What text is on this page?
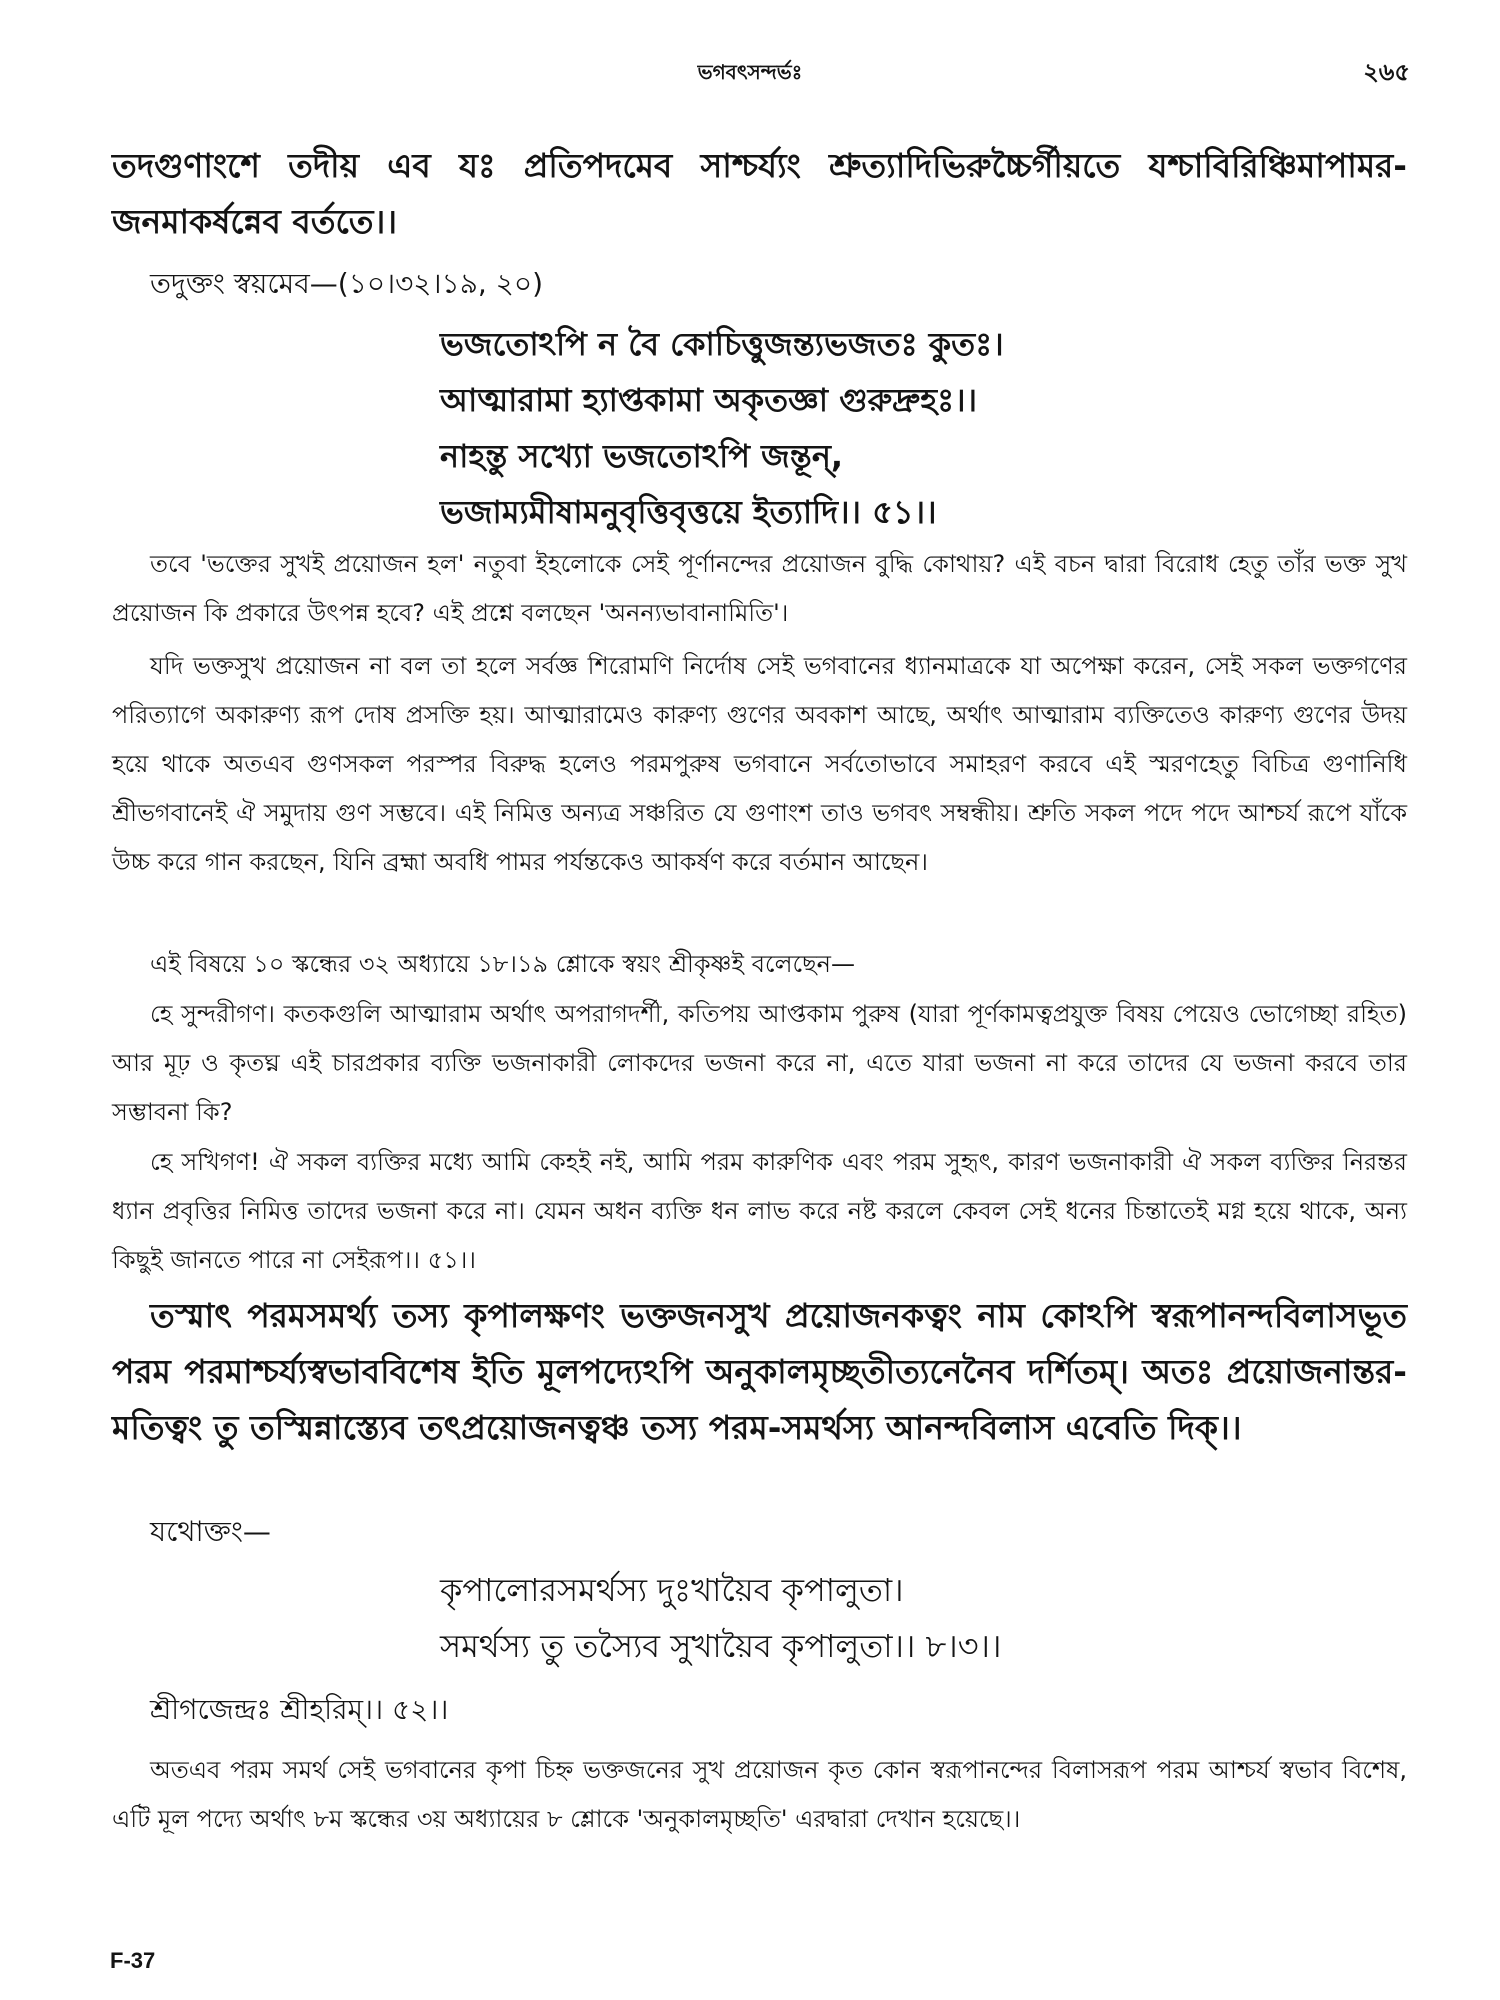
ভগবৎসন্দর্ভঃ	২৬৫

তদগুণাংশে তদীয় এব যঃ প্রতিপদমেব সাশ্চর্য্যং শ্রুত্যাদিভিরুচ্চৈর্গীয়তে যশ্চাবিরিঞ্চিমাপামর-জনমাকর্ষন্নেব বর্ততে।।

তদুক্তং স্বয়মেব—(১০।৩২।১৯, ২০)
ভজতোঽপি ন বৈ কোচিত্তুজন্ত্যভজতঃ কুতঃ।
আত্মারামা হ্যাপ্তকামা অকৃতজ্ঞা গুরুদ্রুহঃ।।
নাহন্তু সখ্যো ভজতোঽপি জন্তূন্,
ভজাম্যমীষামনুবৃত্তিবৃত্তয়ে ইত্যাদি।। ৫১।।

তবে 'ভক্তের সুখই প্রয়োজন হল' নতুবা ইহলোকে সেই পূর্ণানন্দের প্রয়োজন বুদ্ধি কোথায়? এই বচন দ্বারা বিরোধ হেতু তাঁর ভক্ত সুখ প্রয়োজন কি প্রকারে উৎপন্ন হবে? এই প্রশ্নে বলছেন 'অনন্যভাবানামিতি'।

যদি ভক্তসুখ প্রয়োজন না বল তা হলে সর্বজ্ঞ শিরোমণি নির্দোষ সেই ভগবানের ধ্যানমাত্রকে যা অপেক্ষা করেন, সেই সকল ভক্তগণের পরিত্যাগে অকারুণ্য রূপ দোষ প্রসক্তি হয়। আত্মারামেও কারুণ্য গুণের অবকাশ আছে, অর্থাৎ আত্মারাম ব্যক্তিতেও কারুণ্য গুণের উদয় হয়ে থাকে অতএব গুণসকল পরস্পর বিরুদ্ধ হলেও পরমপুরুষ ভগবানে সর্বতোভাবে সমাহরণ করবে এই স্মরণহেতু বিচিত্র গুণানিধি শ্রীভগবানেই ঐ সমুদায় গুণ সম্ভবে। এই নিমিত্ত অন্যত্র সঞ্চরিত যে গুণাংশ তাও ভগবৎ সম্বন্ধীয়। শ্রুতি সকল পদে পদে আশ্চর্য রূপে যাঁকে উচ্চ করে গান করছেন, যিনি ব্রহ্মা অবধি পামর পর্যন্তকেও আকর্ষণ করে বর্তমান আছেন।

এই বিষয়ে ১০ স্কন্ধের ৩২ অধ্যায়ে ১৮।১৯ শ্লোকে স্বয়ং শ্রীকৃষ্ণই বলেছেন—

হে সুন্দরীগণ। কতকগুলি আত্মারাম অর্থাৎ অপরাগদর্শী, কতিপয় আপ্তকাম পুরুষ (যারা পূর্ণকামত্বপ্রযুক্ত বিষয় পেয়েও ভোগেচ্ছা রহিত) আর মূঢ় ও কৃতঘ্ন এই চারপ্রকার ব্যক্তি ভজনাকারী লোকদের ভজনা করে না, এতে যারা ভজনা না করে তাদের যে ভজনা করবে তার সম্ভাবনা কি?

হে সখিগণ! ঐ সকল ব্যক্তির মধ্যে আমি কেহই নই, আমি পরম কারুণিক এবং পরম সুহৃৎ, কারণ ভজনাকারী ঐ সকল ব্যক্তির নিরন্তর ধ্যান প্রবৃত্তির নিমিত্ত তাদের ভজনা করে না। যেমন অধন ব্যক্তি ধন লাভ করে নষ্ট করলে কেবল সেই ধনের চিন্তাতেই মগ্ন হয়ে থাকে, অন্য কিছুই জানতে পারে না সেইরূপ।। ৫১।।

তস্মাৎ পরমসমর্থ্য তস্য কৃপালক্ষণং ভক্তজনসুখ প্রয়োজনকত্বং নাম কোঽপি স্বরূপানন্দবিলাসভূত পরম পরমাশ্চর্য্যস্বভাববিশেষ ইতি মূলপদ্যেঽপি অনুকালমৃচ্ছতীত্যনেনৈব দর্শিতম্। অতঃ প্রয়োজনান্তর-মতিত্বং তু তস্মিন্নাস্ত্যেব তৎপ্রয়োজনত্বঞ্চ তস্য পরম-সমর্থস্য আনন্দবিলাস এবেতি দিক্।।

যথোক্তং—
কৃপালোরসমর্থস্য দুঃখায়ৈব কৃপালুতা।
সমর্থস্য তু তস্যৈব সুখায়ৈব কৃপালুতা।। ৮।৩।।
শ্রীগজেন্দ্রঃ শ্রীহরিম্।। ৫২।।

অতএব পরম সমর্থ সেই ভগবানের কৃপা চিহ্ন ভক্তজনের সুখ প্রয়োজন কৃত কোন স্বরূপানন্দের বিলাসরূপ পরম আশ্চর্য স্বভাব বিশেষ, এটি মূল পদ্যে অর্থাৎ ৮ম স্কন্ধের ৩য় অধ্যায়ের ৮ শ্লোকে 'অনুকালমৃচ্ছতি' এরদ্বারা দেখান হয়েছে।।

F-37
